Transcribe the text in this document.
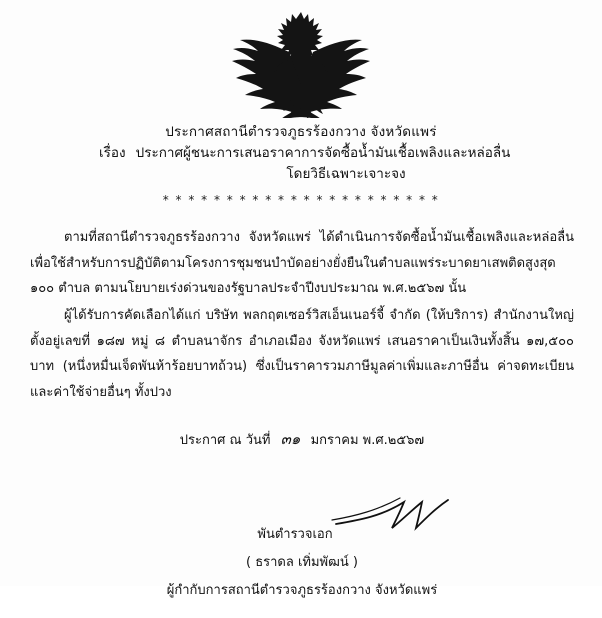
ประกาศสถานีตำรวจภูธรร้องกวาง จังหวัดแพร่
เรื่อง ประกาศผู้ชนะการเสนอราคาการจัดซื้อน้ำมันเชื้อเพลิงและหล่อลื่น
โดยวิธีเฉพาะเจาะจง
* * * * * * * * * * * * * * * * * * * * * *

ตามที่สถานีตำรวจภูธรร้องกวาง จังหวัดแพร่ ได้ดำเนินการจัดซื้อน้ำมันเชื้อเพลิงและหล่อลื่น เพื่อใช้สำหรับการปฏิบัติตามโครงการชุมชนบำบัดอย่างยั่งยืนในตำบลแพร่ระบาดยาเสพติดสูงสุด ๑๐๐ ตำบล ตามนโยบายเร่งด่วนของรัฐบาลประจำปีงบประมาณ พ.ศ.๒๕๖๗ นั้น

ผู้ได้รับการคัดเลือกได้แก่ บริษัท พลกฤตเซอร์วิสเอ็นเนอร์จี้ จำกัด (ให้บริการ) สำนักงานใหญ่ ตั้งอยู่เลขที่ ๑๘๗ หมู่ ๘ ตำบลนาจักร อำเภอเมือง จังหวัดแพร่ เสนอราคาเป็นเงินทั้งสิ้น ๑๗,๕๐๐ บาท (หนึ่งหมื่นเจ็ดพันห้าร้อยบาทถ้วน) ซึ่งเป็นราคารวมภาษีมูลค่าเพิ่มและภาษีอื่น ค่าจดทะเบียน และค่าใช้จ่ายอื่นๆ ทั้งปวง

ประกาศ ณ วันที่ ๓๑ มกราคม พ.ศ.๒๕๖๗
พันตำรวจเอก
( ธราดล เทิ่มพัฒน์ )
ผู้กำกับการสถานีตำรวจภูธรร้องกวาง จังหวัดแพร่
